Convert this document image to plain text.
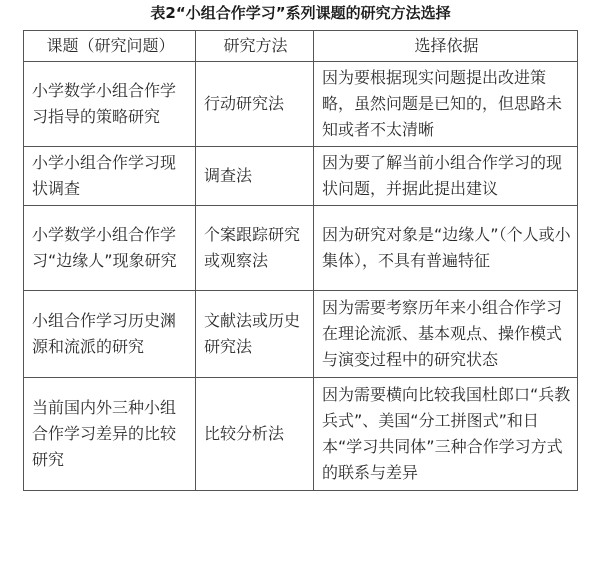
表2“小组合作学习”系列课题的研究方法选择
课题（研究问题）	研究方法	选择依据
小学数学小组合作学习指导的策略研究	行动研究法	因为要根据现实问题提出改进策略，虽然问题是已知的，但思路未知或者不太清晰
小学小组合作学习现状调查	调查法	因为要了解当前小组合作学习的现状问题，并据此提出建议
小学数学小组合作学习“边缘人”现象研究	个案跟踪研究或观察法	因为研究对象是“边缘人”（个人或小集体），不具有普遍特征
小组合作学习历史渊源和流派的研究	文献法或历史研究法	因为需要考察历年来小组合作学习在理论流派、基本观点、操作模式与演变过程中的研究状态
当前国内外三种小组合作学习差异的比较研究	比较分析法	因为需要横向比较我国杜郎口“兵教兵式”、美国“分工拼图式”和日本“学习共同体”三种合作学习方式的联系与差异
